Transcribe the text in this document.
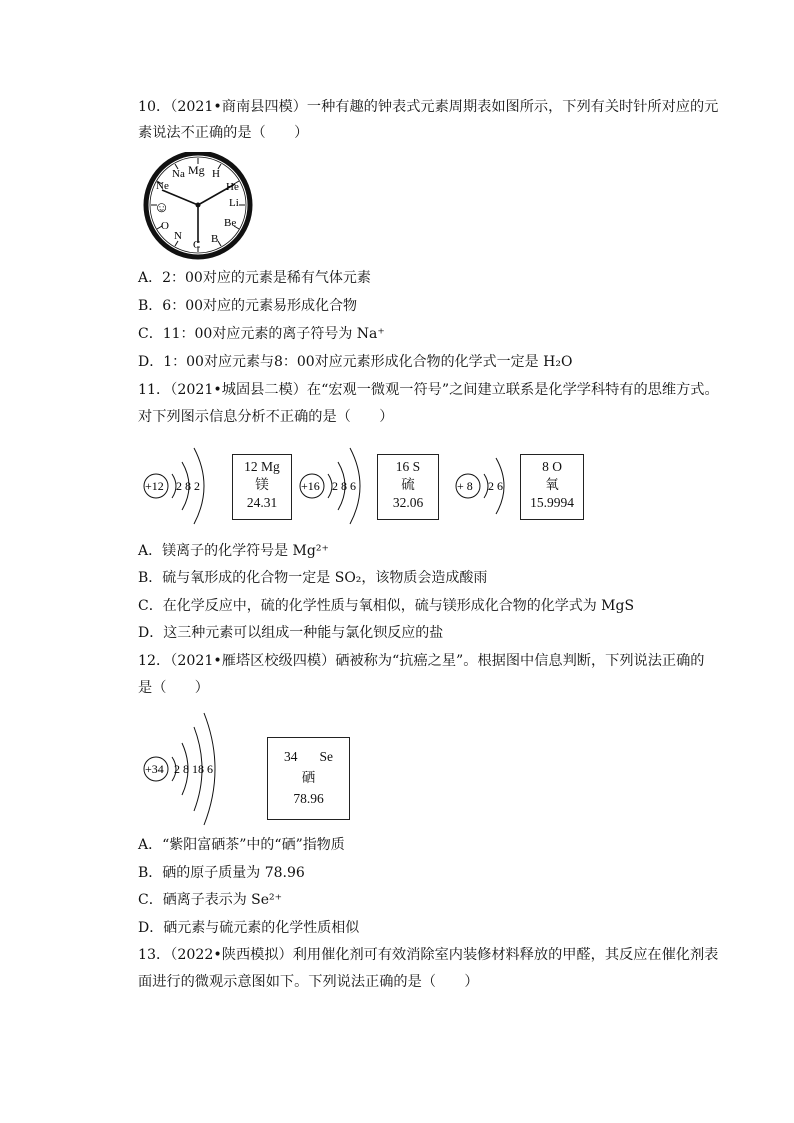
10．（2021•商南县四模）一种有趣的钟表式元素周期表如图所示，下列有关时针所对应的元
素说法不正确的是（　　）
Na Mg H
He
Ne
Li
Be
☺
O
N
C B
A．2：00对应的元素是稀有气体元素
B．6：00对应的元素易形成化合物
C．11：00对应元素的离子符号为 Na⁺
D．1：00对应元素与8：00对应元素形成化合物的化学式一定是 H₂O
11．（2021•城固县二模）在“宏观一微观一符号”之间建立联系是化学学科特有的思维方式。
对下列图示信息分析不正确的是（　　）
+12 2 8 2
12 Mg
镁
24.31
+16 2 8 6
16 S
硫
32.06
+ 8 2 6
8 O
氧
15.9994
A．镁离子的化学符号是 Mg²⁺
B．硫与氧形成的化合物一定是 SO₂，该物质会造成酸雨
C．在化学反应中，硫的化学性质与氧相似，硫与镁形成化合物的化学式为 MgS
D．这三种元素可以组成一种能与氯化钡反应的盐
12．（2021•雁塔区校级四模）硒被称为“抗癌之星”。根据图中信息判断，下列说法正确的
是（　　）
+34 2 8 18 6
34 Se
硒
78.96
A．“紫阳富硒茶”中的“硒”指物质
B．硒的原子质量为 78.96
C．硒离子表示为 Se²⁺
D．硒元素与硫元素的化学性质相似
13．（2022•陕西模拟）利用催化剂可有效消除室内装修材料释放的甲醛，其反应在催化剂表
面进行的微观示意图如下。下列说法正确的是（　　）
